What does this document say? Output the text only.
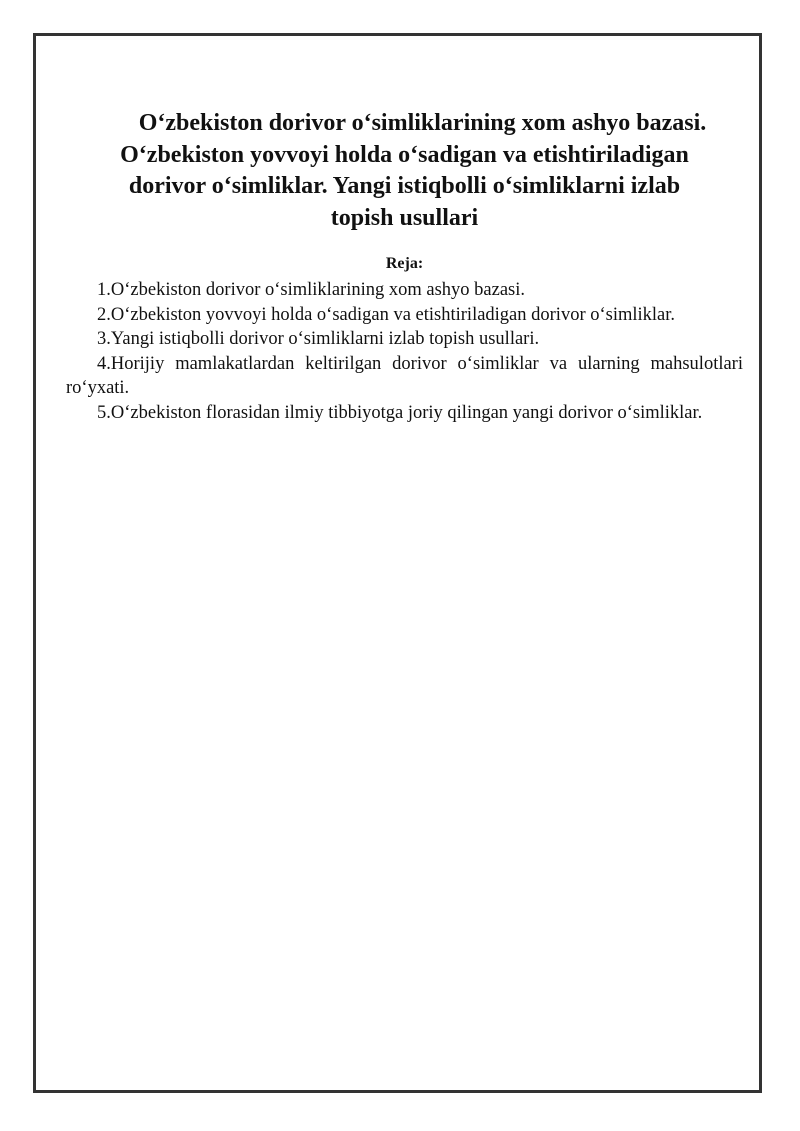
O‘zbekiston dorivor o‘simliklarining xom ashyo bazasi.
O‘zbekiston yovvoyi holda o‘sadigan va etishtiriladigan
dorivor o‘simliklar. Yangi istiqbolli o‘simliklarni izlab
topish usullari
Reja:
1.O‘zbekiston dorivor o‘simliklarining xom ashyo bazasi.
2.O‘zbekiston yovvoyi holda o‘sadigan va etishtiriladigan dorivor o‘simliklar.
3.Yangi istiqbolli dorivor o‘simliklarni izlab topish usullari.
4.Horijiy mamlakatlardan keltirilgan dorivor o‘simliklar va ularning mahsulotlari ro‘yxati.
5.O‘zbekiston florasidan ilmiy tibbiyotga joriy qilingan yangi dorivor o‘simliklar.
